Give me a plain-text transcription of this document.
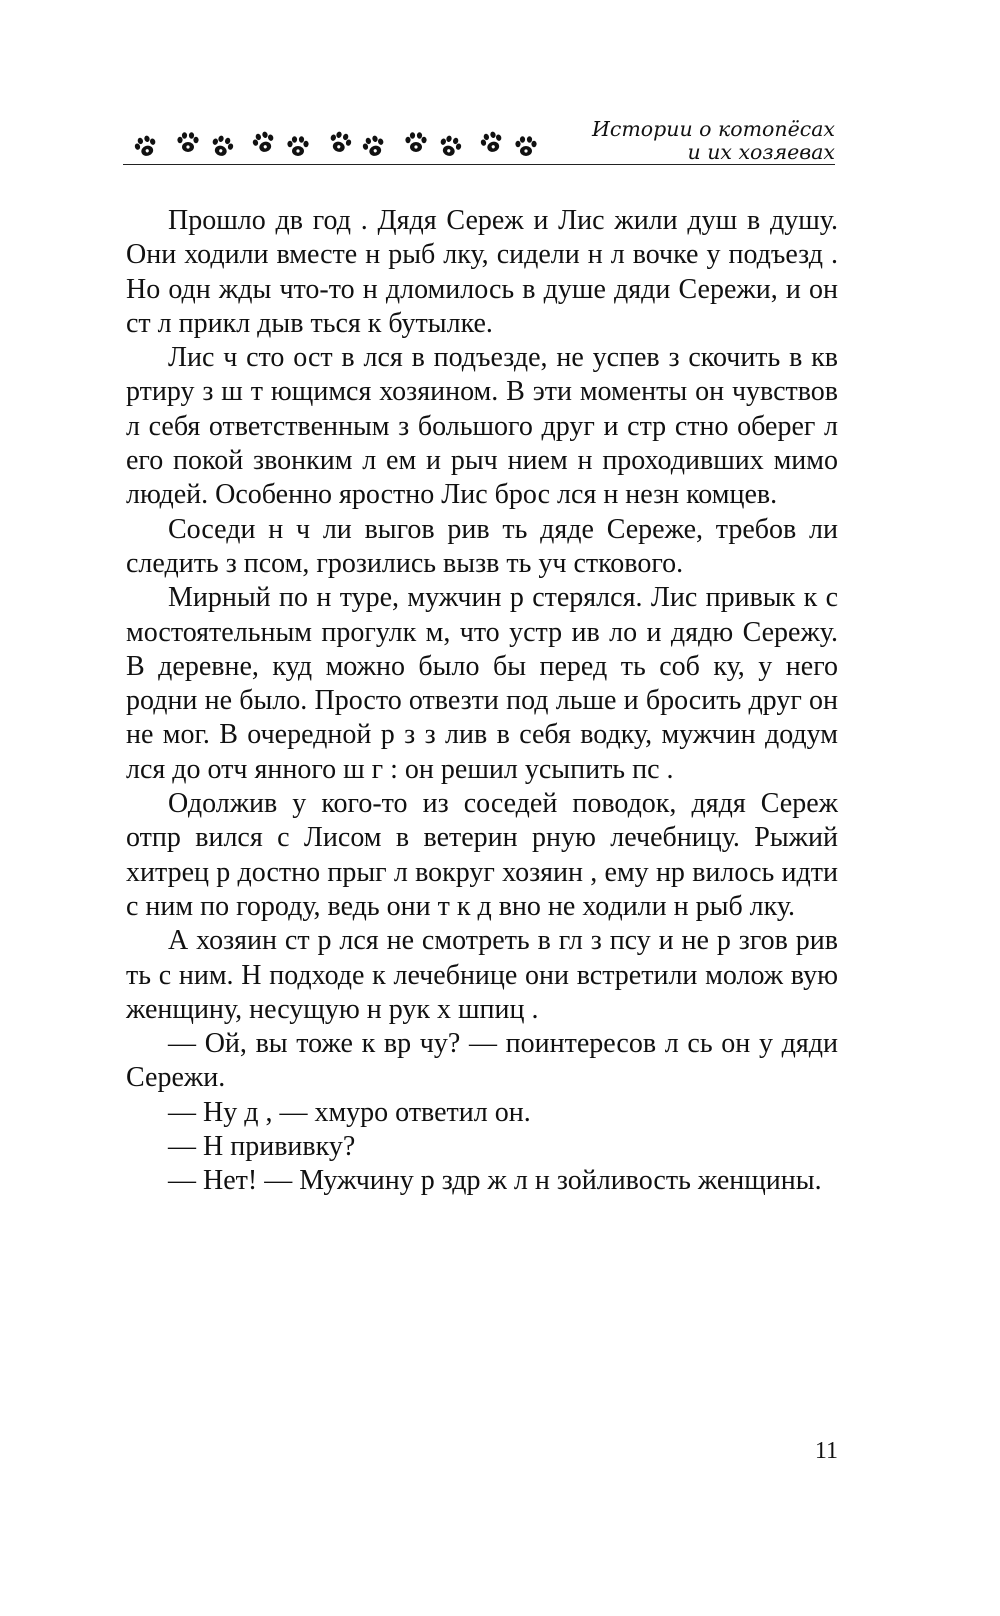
Истории о котопёсах
и их хозяевах

Прошло дв год . Дядя Сереж и Лис жили душ в душу. Они ходили вместе н рыб лку, сидели н л вочке у подъезд . Но одн жды что-то н дломилось в душе дяди Сережи, и он ст л прикл дыв ться к бутылке.

Лис ч сто ост в лся в подъезде, не успев з скочить в кв ртиру з ш т ющимся хозяином. В эти моменты он чувствов л себя ответственным з большого друг и стр стно оберег л его покой звонким л ем и рыч нием н проходивших мимо людей. Особенно яростно Лис брос лся н незн комцев.

Соседи н ч ли выгов рив ть дяде Сереже, требов ли следить з псом, грозились вызв ть уч сткового.

Мирный по н туре, мужчин р стерялся. Лис привык к с мостоятельным прогулк м, что устр ив ло и дядю Сережу. В деревне, куд можно было бы перед ть соб ку, у него родни не было. Просто отвезти под льше и бросить друг он не мог. В очередной р з з лив в себя водку, мужчин додум лся до отч янного ш г : он решил усыпить пс .

Одолжив у кого-то из соседей поводок, дядя Сереж отпр вился с Лисом в ветерин рную лечебницу. Рыжий хитрец р достно прыг л вокруг хозяин , ему нр вилось идти с ним по городу, ведь они т к д вно не ходили н рыб лку.

А хозяин ст р лся не смотреть в гл з псу и не р згов рив ть с ним. Н подходе к лечебнице они встретили молож вую женщину, несущую н рук х шпиц .

— Ой, вы тоже к вр чу? — поинтересов л сь он у дяди Сережи.

— Ну д , — хмуро ответил он.

— Н прививку?

— Нет! — Мужчину р здр ж л н зойливость женщины.

11
